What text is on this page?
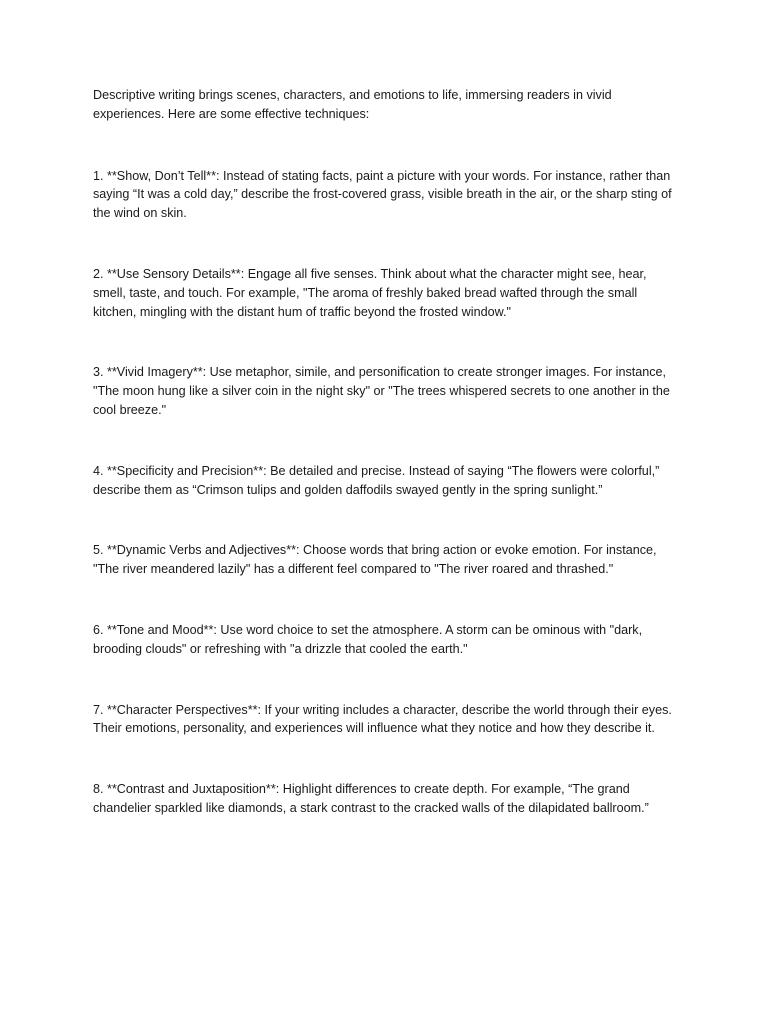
Descriptive writing brings scenes, characters, and emotions to life, immersing readers in vivid experiences. Here are some effective techniques:

1. **Show, Don’t Tell**: Instead of stating facts, paint a picture with your words. For instance, rather than saying “It was a cold day,” describe the frost-covered grass, visible breath in the air, or the sharp sting of the wind on skin.

2. **Use Sensory Details**: Engage all five senses. Think about what the character might see, hear, smell, taste, and touch. For example, "The aroma of freshly baked bread wafted through the small kitchen, mingling with the distant hum of traffic beyond the frosted window."

3. **Vivid Imagery**: Use metaphor, simile, and personification to create stronger images. For instance, "The moon hung like a silver coin in the night sky" or "The trees whispered secrets to one another in the cool breeze."

4. **Specificity and Precision**: Be detailed and precise. Instead of saying “The flowers were colorful,” describe them as “Crimson tulips and golden daffodils swayed gently in the spring sunlight.”

5. **Dynamic Verbs and Adjectives**: Choose words that bring action or evoke emotion. For instance, "The river meandered lazily" has a different feel compared to "The river roared and thrashed."

6. **Tone and Mood**: Use word choice to set the atmosphere. A storm can be ominous with "dark, brooding clouds" or refreshing with "a drizzle that cooled the earth."

7. **Character Perspectives**: If your writing includes a character, describe the world through their eyes. Their emotions, personality, and experiences will influence what they notice and how they describe it.

8. **Contrast and Juxtaposition**: Highlight differences to create depth. For example, “The grand chandelier sparkled like diamonds, a stark contrast to the cracked walls of the dilapidated ballroom.”
